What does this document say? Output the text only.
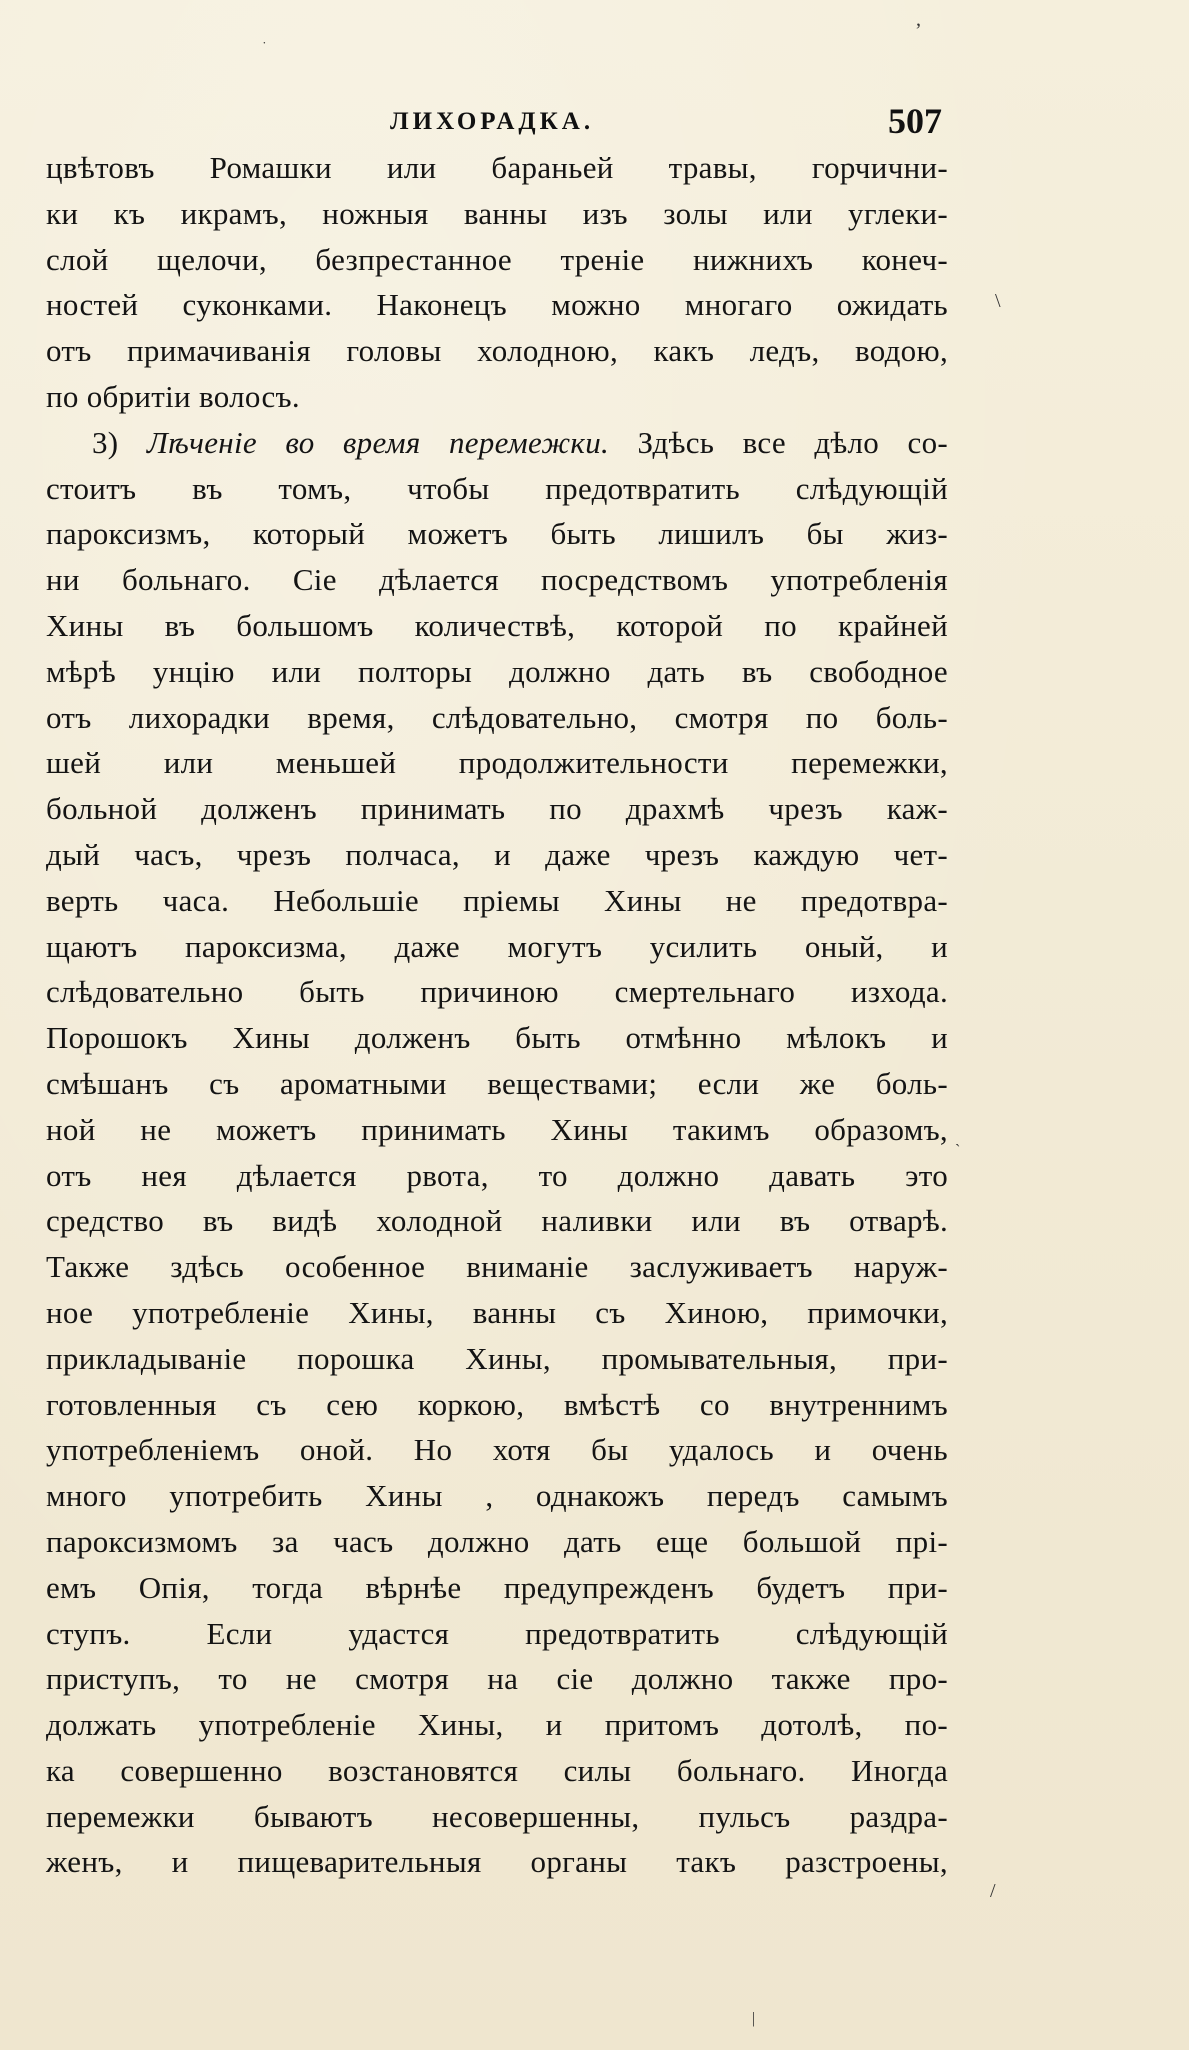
ЛИХОРАДКА.	507
цвѣтовъ Ромашки или бараньей травы, горчични-
ки къ икрамъ, ножныя ванны изъ золы или углеки-
слой щелочи, безпрестанное треніе нижнихъ конеч-
ностей суконками. Наконецъ можно многаго ожидать
отъ примачиванія головы холодною, какъ ледъ, водою,
по обритіи волосъ.
3) Лѣченіе во время перемежки. Здѣсь все дѣло со-
стоитъ въ томъ, чтобы предотвратить слѣдующій
пароксизмъ, который можетъ быть лишилъ бы жиз-
ни больнаго. Сіе дѣлается посредствомъ употребленія
Хины въ большомъ количествѣ, которой по крайней
мѣрѣ унцію или полторы должно дать въ свободное
отъ лихорадки время, слѣдовательно, смотря по боль-
шей или меньшей продолжительности перемежки,
больной долженъ принимать по драхмѣ чрезъ каж-
дый часъ, чрезъ полчаса, и даже чрезъ каждую чет-
верть часа. Небольшіе пріемы Хины не предотвра-
щаютъ пароксизма, даже могутъ усилить оный, и
слѣдовательно быть причиною смертельнаго изхода.
Порошокъ Хины долженъ быть отмѣнно мѣлокъ и
смѣшанъ съ ароматными веществами; если же боль-
ной не можетъ принимать Хины такимъ образомъ,
отъ нея дѣлается рвота, то должно давать это
средство въ видѣ холодной наливки или въ отварѣ.
Также здѣсь особенное вниманіе заслуживаетъ наруж-
ное употребленіе Хины, ванны съ Хиною, примочки,
прикладываніе порошка Хины, промывательныя, при-
готовленныя съ сею коркою, вмѣстѣ со внутреннимъ
употребленіемъ оной. Но хотя бы удалось и очень
много употребить Хины , однакожъ передъ самымъ
пароксизмомъ за часъ должно дать еще большой прі-
емъ Опія, тогда вѣрнѣе предупрежденъ будетъ при-
ступъ. Если удастся предотвратить слѣдующій
приступъ, то не смотря на сіе должно также про-
должать употребленіе Хины, и притомъ дотолѣ, по-
ка совершенно возстановятся силы больнаго. Иногда
перемежки бываютъ несовершенны, пульсъ раздра-
женъ, и пищеварительныя органы такъ разстроены,
ʼ
˙
\
ˎ
/
|
